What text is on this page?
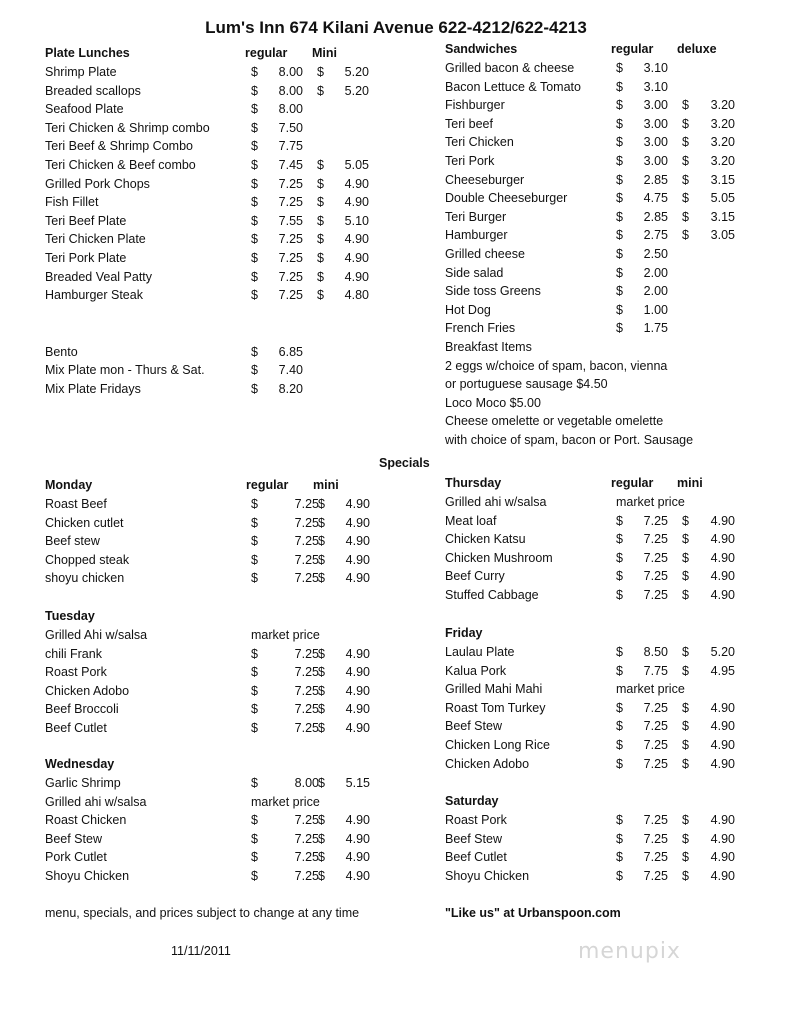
Lum's Inn 674 Kilani Avenue 622-4212/622-4213
Plate Lunches	regular Mini
Shrimp Plate	$	8.00 $	5.20
Breaded scallops	$	8.00 $	5.20
Seafood Plate	$	8.00
Teri Chicken & Shrimp combo	$	7.50
Teri Beef & Shrimp Combo	$	7.75
Teri Chicken & Beef combo	$	7.45 $	5.05
Grilled Pork Chops	$	7.25 $	4.90
Fish Fillet	$	7.25 $	4.90
Teri Beef Plate	$	7.55 $	5.10
Teri Chicken Plate	$	7.25 $	4.90
Teri Pork Plate	$	7.25 $	4.90
Breaded Veal Patty	$	7.25 $	4.90
Hamburger Steak	$	7.25 $	4.80
Bento	$	6.85
Mix Plate mon - Thurs & Sat.	$	7.40
Mix Plate Fridays	$	8.20
Sandwiches	regular deluxe
Grilled bacon & cheese	$	3.10
Bacon Lettuce & Tomato	$	3.10
Fishburger	$	3.00 $	3.20
Teri beef	$	3.00 $	3.20
Teri Chicken	$	3.00 $	3.20
Teri Pork	$	3.00 $	3.20
Cheeseburger	$	2.85 $	3.15
Double Cheeseburger	$	4.75 $	5.05
Teri Burger	$	2.85 $	3.15
Hamburger	$	2.75 $	3.05
Grilled cheese	$	2.50
Side salad	$	2.00
Side toss Greens	$	2.00
Hot Dog	$	1.00
French Fries	$	1.75
Breakfast Items
2 eggs w/choice of spam, bacon, vienna
or portuguese sausage $4.50
Loco Moco $5.00
Cheese omelette or vegetable omelette
with choice of spam, bacon or Port. Sausage
Specials
Monday	regular mini
Roast Beef	$	7.25 $	4.90
Chicken cutlet	$	7.25 $	4.90
Beef stew	$	7.25 $	4.90
Chopped steak	$	7.25 $	4.90
shoyu chicken	$	7.25 $	4.90
Tuesday
Grilled Ahi w/salsa	market price
chili Frank	$	7.25 $	4.90
Roast Pork	$	7.25 $	4.90
Chicken Adobo	$	7.25 $	4.90
Beef Broccoli	$	7.25 $	4.90
Beef Cutlet	$	7.25 $	4.90
Wednesday
Garlic Shrimp	$	8.00 $	5.15
Grilled ahi w/salsa	market price
Roast Chicken	$	7.25 $	4.90
Beef Stew	$	7.25 $	4.90
Pork Cutlet	$	7.25 $	4.90
Shoyu Chicken	$	7.25 $	4.90
Thursday	regular mini
Grilled ahi w/salsa	market price
Meat loaf	$	7.25 $	4.90
Chicken Katsu	$	7.25 $	4.90
Chicken Mushroom	$	7.25 $	4.90
Beef Curry	$	7.25 $	4.90
Stuffed Cabbage	$	7.25 $	4.90
Friday
Laulau Plate	$	8.50 $	5.20
Kalua Pork	$	7.75 $	4.95
Grilled Mahi Mahi	market price
Roast Tom Turkey	$	7.25 $	4.90
Beef Stew	$	7.25 $	4.90
Chicken Long Rice	$	7.25 $	4.90
Chicken Adobo	$	7.25 $	4.90
Saturday
Roast Pork	$	7.25 $	4.90
Beef Stew	$	7.25 $	4.90
Beef Cutlet	$	7.25 $	4.90
Shoyu Chicken	$	7.25 $	4.90
menu, specials, and prices subject to change at any time	"Like us" at Urbanspoon.com
11/11/2011	menupix
